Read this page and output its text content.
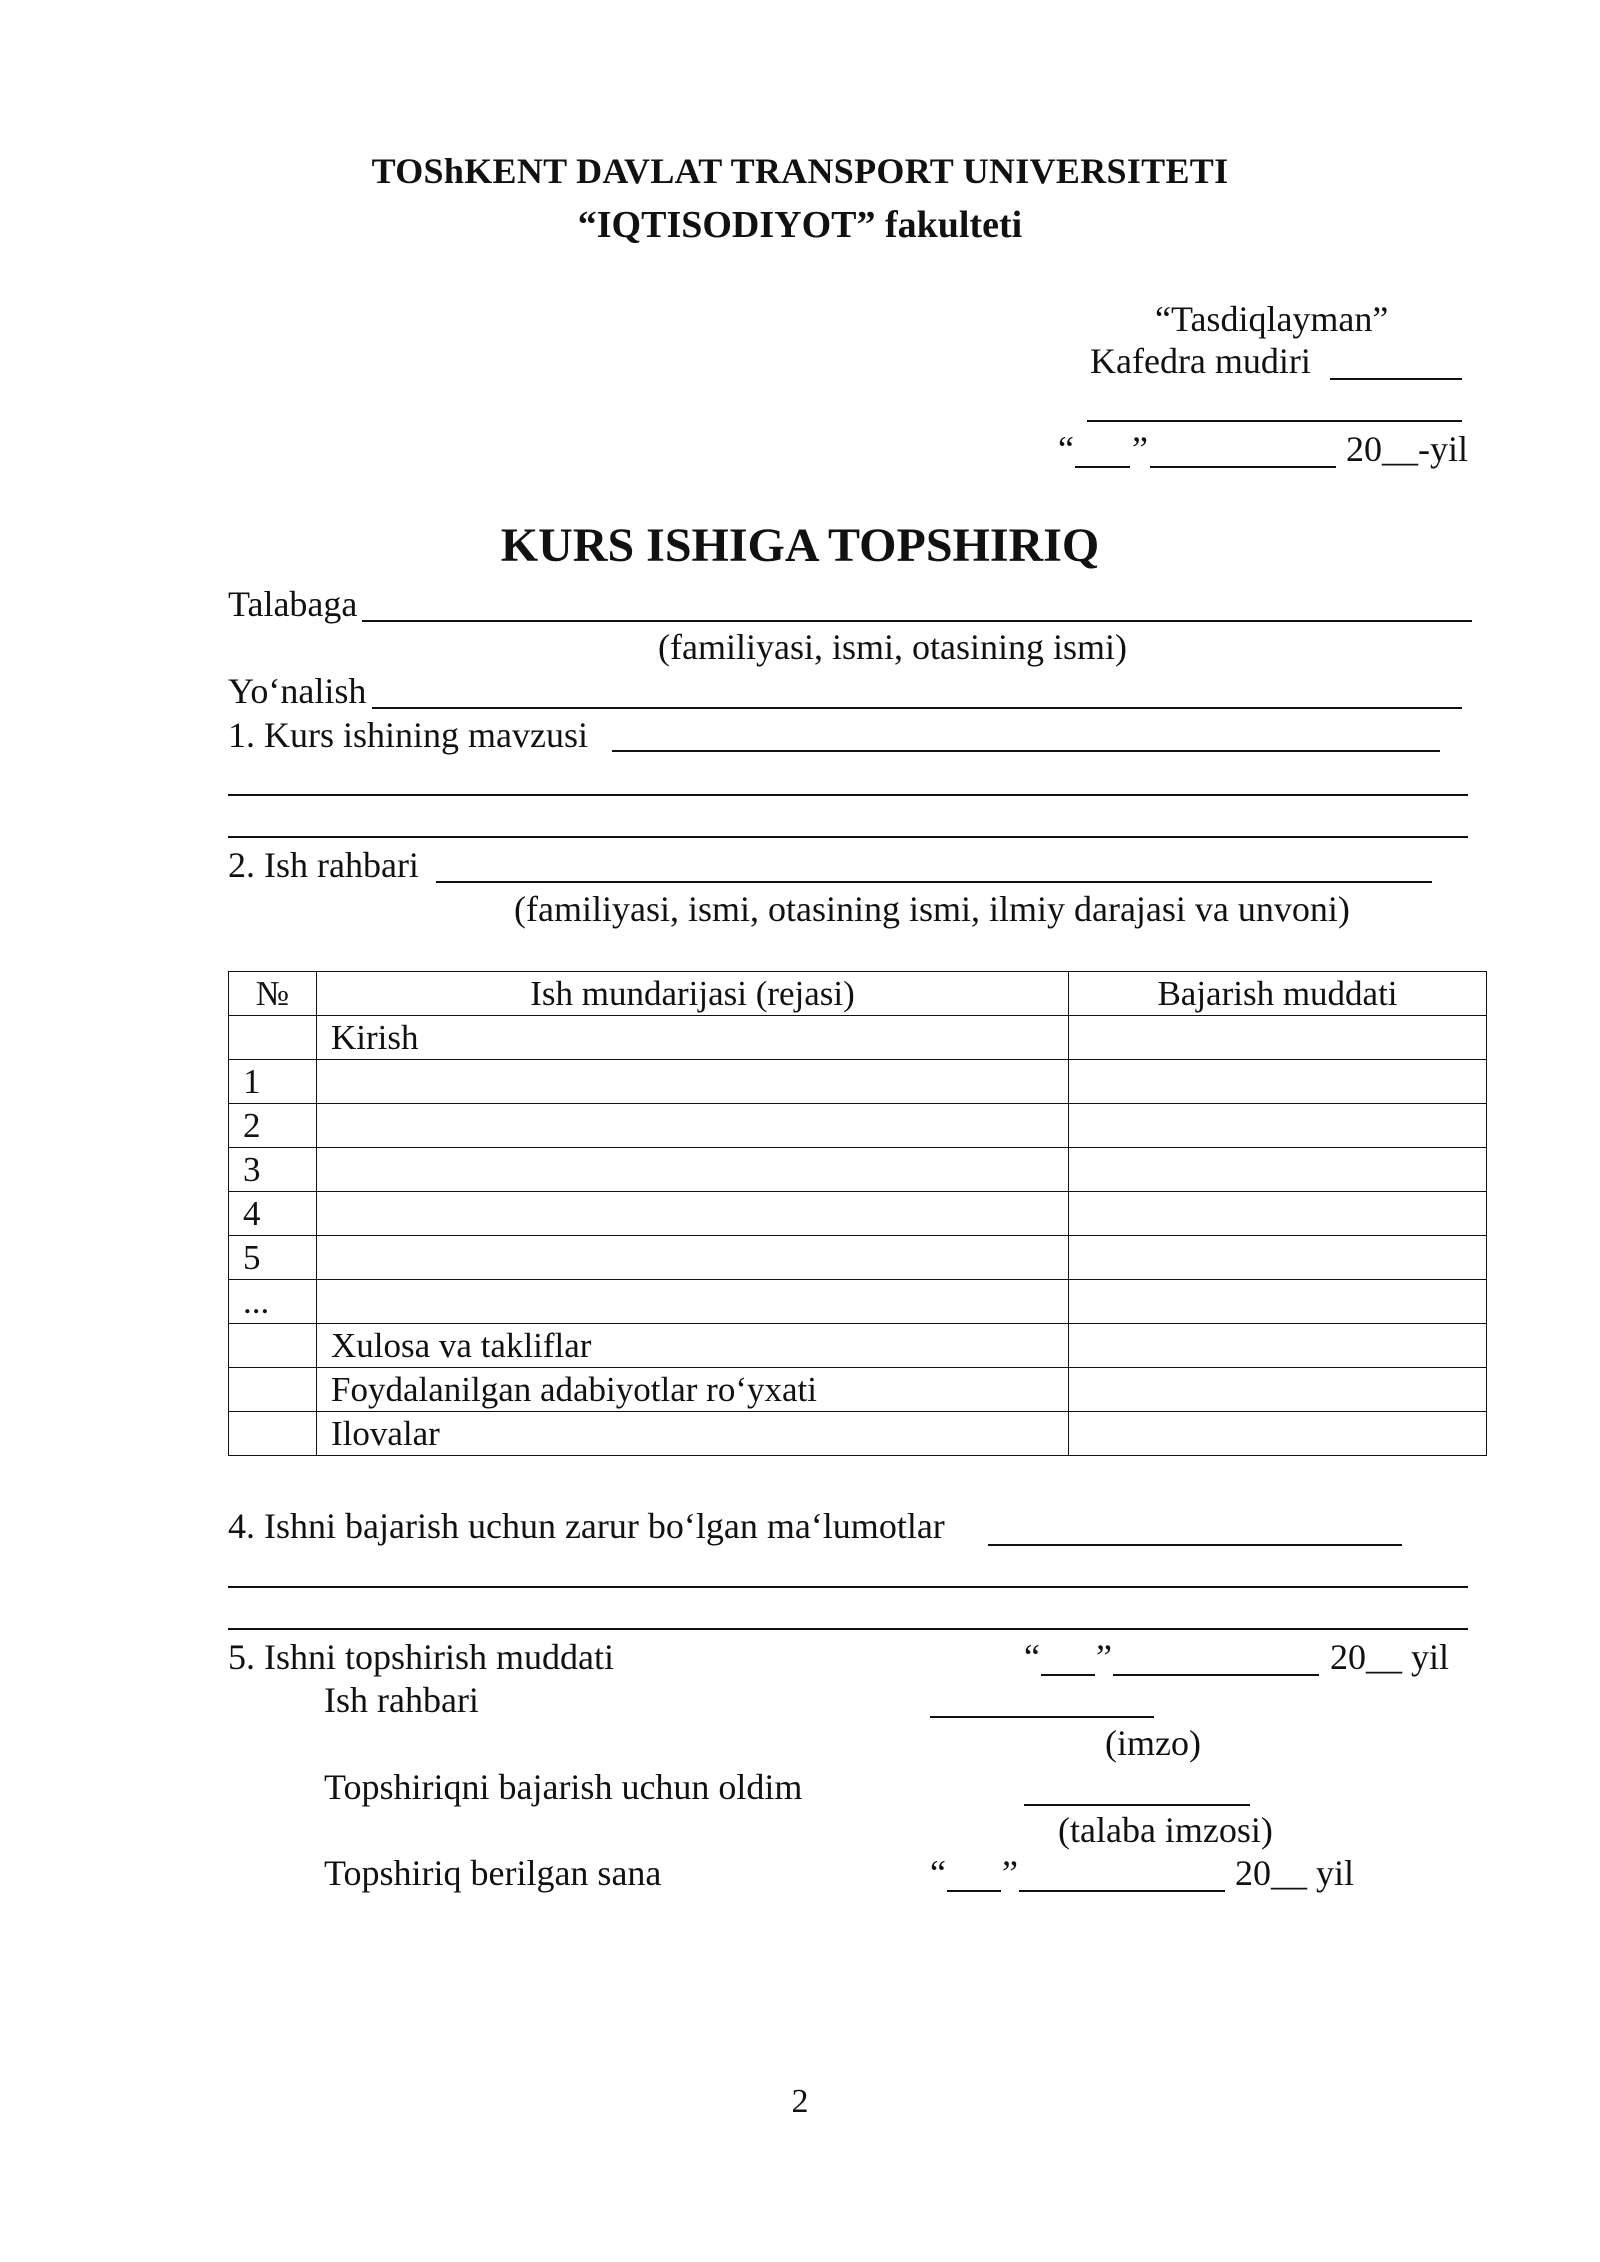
TOShKENT DAVLAT TRANSPORT UNIVERSITETI
“IQTISODIYOT” fakulteti
“Tasdiqlayman”
Kafedra mudiri
“ ”	20__-yil
KURS ISHIGA TOPSHIRIQ
Talabaga
(familiyasi, ismi, otasining ismi)
Yo‘nalish
1. Kurs ishining mavzusi
2. Ish rahbari
(familiyasi, ismi, otasining ismi, ilmiy darajasi va unvoni)
№	Ish mundarijasi (rejasi)	Bajarish muddati
	Kirish	
1		
2		
3		
4		
5		
...		
	Xulosa va takliflar	
	Foydalanilgan adabiyotlar ro‘yxati	
	Ilovalar	
4. Ishni bajarish uchun zarur bo‘lgan ma‘lumotlar
5. Ishni topshirish muddati	“ ”	20__ yil
Ish rahbari
(imzo)
Topshiriqni bajarish uchun oldim
(talaba imzosi)
Topshiriq berilgan sana	“ ”	20__ yil
2
